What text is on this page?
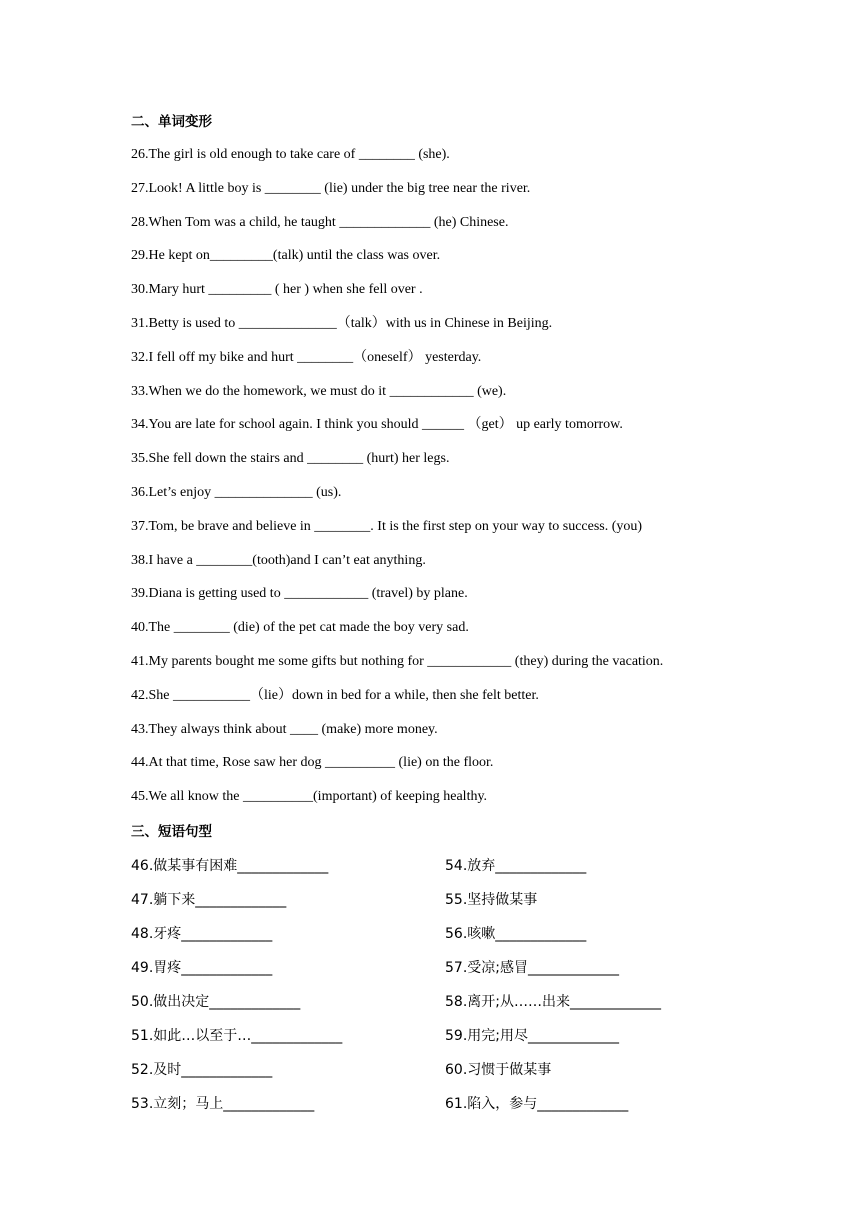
二、单词变形
26.The girl is old enough to take care of ________ (she).
27.Look! A little boy is ________ (lie) under the big tree near the river.
28.When Tom was a child, he taught _____________ (he) Chinese.
29.He kept on_________(talk) until the class was over.
30.Mary hurt _________ ( her ) when she fell over .
31.Betty is used to ______________（talk）with us in Chinese in Beijing.
32.I fell off my bike and hurt ________（oneself） yesterday.
33.When we do the homework, we must do it ____________ (we).
34.You are late for school again. I think you should ______ （get） up early tomorrow.
35.She fell down the stairs and ________ (hurt) her legs.
36.Let’s enjoy ______________ (us).
37.Tom, be brave and believe in ________. It is the first step on your way to success. (you)
38.I have a ________(tooth)and I can’t eat anything.
39.Diana is getting used to ____________ (travel) by plane.
40.The ________ (die) of the pet cat made the boy very sad.
41.My parents bought me some gifts but nothing for ____________ (they) during the vacation.
42.She ___________（lie）down in bed for a while, then she felt better.
43.They always think about ____ (make) more money.
44.At that time, Rose saw her dog __________ (lie) on the floor.
45.We all know the __________(important) of keeping healthy.
三、短语句型
46.做某事有困难_____________	54.放弃_____________
47.躺下来_____________	55.坚持做某事
48.牙疼_____________	56.咳嗽_____________
49.胃疼_____________	57.受凉;感冒_____________
50.做出决定_____________	58.离开;从……出来_____________
51.如此…以至于…_____________	59.用完;用尽_____________
52.及时_____________	60.习惯于做某事
53.立刻；马上_____________	61.陷入，参与_____________
